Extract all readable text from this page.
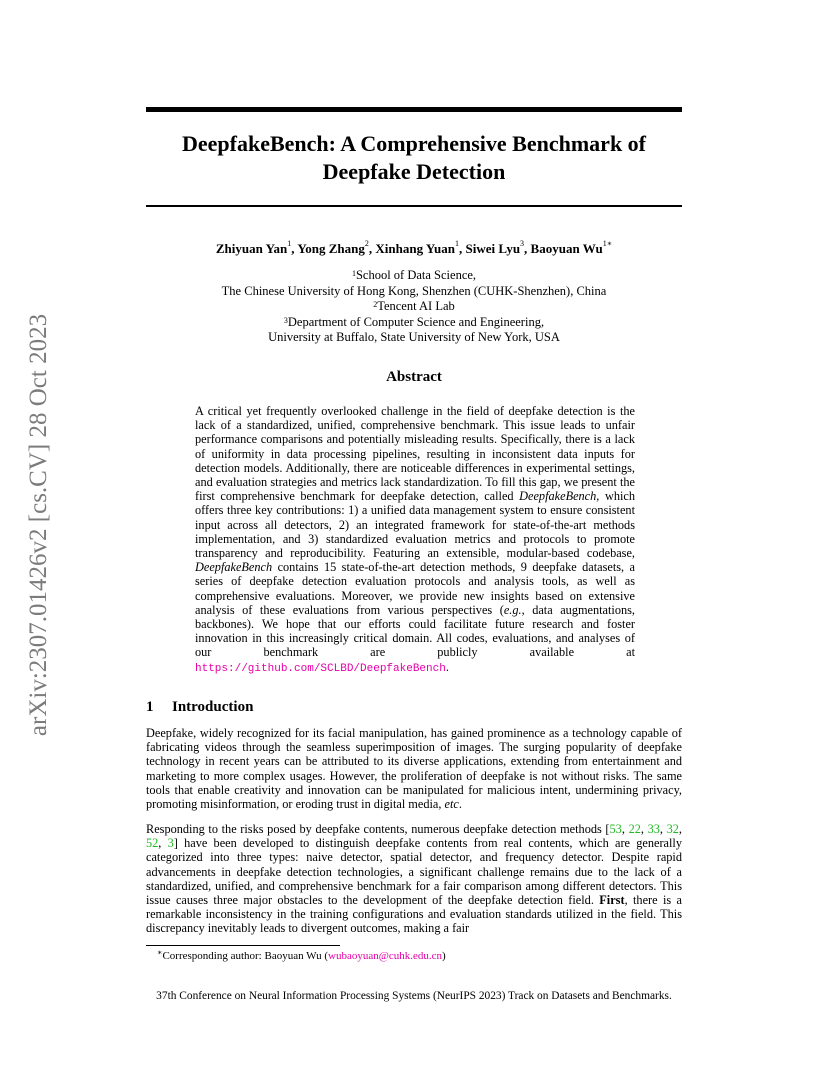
arXiv:2307.01426v2 [cs.CV] 28 Oct 2023
DeepfakeBench: A Comprehensive Benchmark of Deepfake Detection
Zhiyuan Yan$^1$, Yong Zhang$^2$, Xinhang Yuan$^1$, Siwei Lyu$^3$, Baoyuan $Wu^{1∗}$
$^1$School of Data Science,
The Chinese University of Hong Kong, Shenzhen (CUHK-Shenzhen), China
$^2$Tencent AI Lab
$^3$Department of Computer Science and Engineering,
University at Buffalo, State University of New York, USA
Abstract
A critical yet frequently overlooked challenge in the field of deepfake detection is the lack of a standardized, unified, comprehensive benchmark. This issue leads to unfair performance comparisons and potentially misleading results. Specifically, there is a lack of uniformity in data processing pipelines, resulting in inconsistent data inputs for detection models. Additionally, there are noticeable differences in experimental settings, and evaluation strategies and metrics lack standardization. To fill this gap, we present the first comprehensive benchmark for deepfake detection, called DeepfakeBench, which offers three key contributions: 1) a unified data management system to ensure consistent input across all detectors, 2) an integrated framework for state-of-the-art methods implementation, and 3) standardized evaluation metrics and protocols to promote transparency and reproducibility. Featuring an extensible, modular-based codebase, DeepfakeBench contains 15 state-of-the-art detection methods, 9 deepfake datasets, a series of deepfake detection evaluation protocols and analysis tools, as well as comprehensive evaluations. Moreover, we provide new insights based on extensive analysis of these evaluations from various perspectives (e.g., data augmentations, backbones). We hope that our efforts could facilitate future research and foster innovation in this increasingly critical domain. All codes, evaluations, and analyses of our benchmark are publicly available at https://github.com/SCLBD/DeepfakeBench.
1 Introduction
Deepfake, widely recognized for its facial manipulation, has gained prominence as a technology capable of fabricating videos through the seamless superimposition of images. The surging popularity of deepfake technology in recent years can be attributed to its diverse applications, extending from entertainment and marketing to more complex usages. However, the proliferation of deepfake is not without risks. The same tools that enable creativity and innovation can be manipulated for malicious intent, undermining privacy, promoting misinformation, or eroding trust in digital media, etc.
Responding to the risks posed by deepfake contents, numerous deepfake detection methods [53, 22, 33, 32, 52, 3] have been developed to distinguish deepfake contents from real contents, which are generally categorized into three types: naive detector, spatial detector, and frequency detector. Despite rapid advancements in deepfake detection technologies, a significant challenge remains due to the lack of a standardized, unified, and comprehensive benchmark for a fair comparison among different detectors. This issue causes three major obstacles to the development of the deepfake detection field. First, there is a remarkable inconsistency in the training configurations and evaluation standards utilized in the field. This discrepancy inevitably leads to divergent outcomes, making a fair
∗Corresponding author: Baoyuan Wu (wubaoyuan@cuhk.edu.cn)
37th Conference on Neural Information Processing Systems (NeurIPS 2023) Track on Datasets and Benchmarks.
